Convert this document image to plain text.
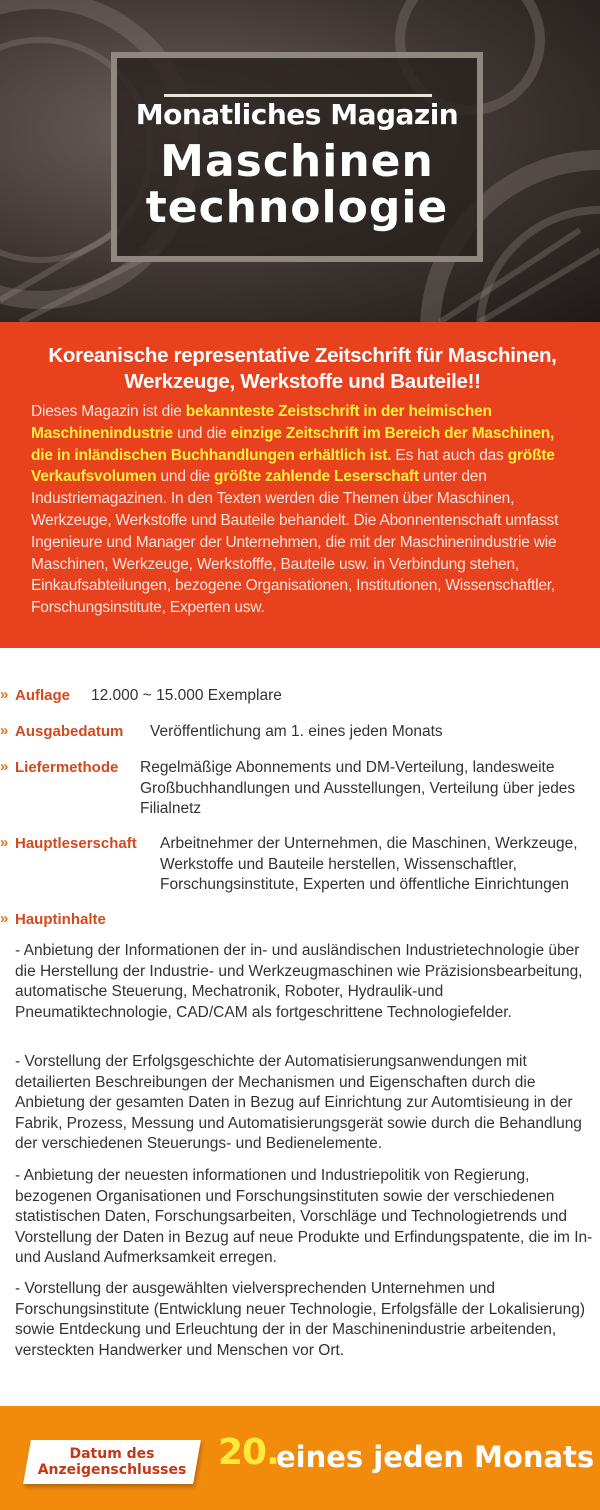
Monatliches Magazin
Maschinen
technologie

Koreanische representative Zeitschrift für Maschinen, Werkzeuge, Werkstoffe und Bauteile!!

Dieses Magazin ist die bekannteste Zeistschrift in der heimischen Maschinenindustrie und die einzige Zeitschrift im Bereich der Maschinen, die in inländischen Buchhandlungen erhältlich ist. Es hat auch das größte Verkaufsvolumen und die größte zahlende Leserschaft unter den Industriemagazinen. In den Texten werden die Themen über Maschinen, Werkzeuge, Werkstoffe und Bauteile behandelt. Die Abonnentenschaft umfasst Ingenieure und Manager der Unternehmen, die mit der Maschinenindustrie wie Maschinen, Werkzeuge, Werkstofffe, Bauteile usw. in Verbindung stehen, Einkaufsabteilungen, bezogene Organisationen, Institutionen, Wissenschaftler, Forschungsinstitute, Experten usw.

» Auflage 12.000 ~ 15.000 Exemplare
» Ausgabedatum Veröffentlichung am 1. eines jeden Monats
» Liefermethode Regelmäßige Abonnements und DM-Verteilung, landesweite Großbuchhandlungen und Ausstellungen, Verteilung über jedes Filialnetz
» Hauptleserschaft Arbeitnehmer der Unternehmen, die Maschinen, Werkzeuge, Werkstoffe und Bauteile herstellen, Wissenschaftler, Forschungsinstitute, Experten und öffentliche Einrichtungen
» Hauptinhalte
- Anbietung der Informationen der in- und ausländischen Industrietechnologie über die Herstellung der Industrie- und Werkzeugmaschinen wie Präzisionsbearbeitung, automatische Steuerung, Mechatronik, Roboter, Hydraulik-und Pneumatiktechnologie, CAD/CAM als fortgeschrittene Technologiefelder.
- Vorstellung der Erfolgsgeschichte der Automatisierungsanwendungen mit detailierten Beschreibungen der Mechanismen und Eigenschaften durch die Anbietung der gesamten Daten in Bezug auf Einrichtung zur Automtisieung in der Fabrik, Prozess, Messung und Automatisierungsgerät sowie durch die Behandlung der verschiedenen Steuerungs- und Bedienelemente.
- Anbietung der neuesten informationen und Industriepolitik von Regierung, bezogenen Organisationen und Forschungsinstituten sowie der verschiedenen statistischen Daten, Forschungsarbeiten, Vorschläge und Technologietrends und Vorstellung der Daten in Bezug auf neue Produkte und Erfindungspatente, die im In- und Ausland Aufmerksamkeit erregen.
- Vorstellung der ausgewählten vielversprechenden Unternehmen und Forschungsinstitute (Entwicklung neuer Technologie, Erfolgsfälle der Lokalisierung) sowie Entdeckung und Erleuchtung der in der Maschinenindustrie arbeitenden, versteckten Handwerker und Menschen vor Ort.
Datum des
Anzeigenschlusses 20.
eines jeden Monats
